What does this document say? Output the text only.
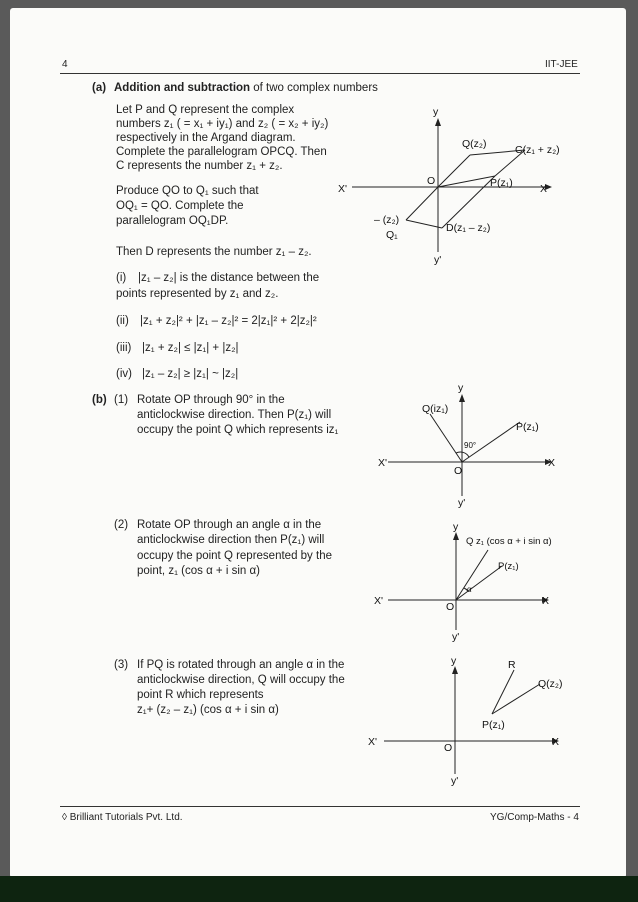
4	IIT-JEE
(a) Addition and subtraction of two complex numbers
Let P and Q represent the complex
numbers z₁ ( = x₁ + iy₁) and z₂ ( = x₂ + iy₂)
respectively in the Argand diagram.
Complete the parallelogram OPCQ. Then
C represents the number z₁ + z₂.
Produce QO to Q₁ such that
OQ₁ = QO. Complete the
parallelogram OQ₁DP.
Then D represents the number z₁ – z₂.
(i) |z₁ – z₂| is the distance between the
points represented by z₁ and z₂.
(ii) |z₁ + z₂|² + |z₁ – z₂|² = 2|z₁|² + 2|z₂|²
(iii) |z₁ + z₂| ≤ |z₁| + |z₂|
(iv) |z₁ – z₂| ≥ |z₁| ~ |z₂|
y
y'
X
X'
O
Q(z₂)	C(z₁ + z₂)
P(z₁)
– (z₂)
Q₁
D(z₁ – z₂)
(b) (1) Rotate OP through 90° in the
anticlockwise direction. Then P(z₁) will
occupy the point Q which represents iz₁
y
y'
X
X'
O
Q(iz₁)
P(z₁)
90°
(2) Rotate OP through an angle α in the
anticlockwise direction then P(z₁) will
occupy the point Q represented by the
point, z₁ (cos α + i sin α)
y
y'
X
X'	O
Q z₁ (cos α + i sin α)
P(z₁)
α
(3) If PQ is rotated through an angle α in the
anticlockwise direction, Q will occupy the
point R which represents
z₁+ (z₂ – z₁) (cos α + i sin α)
y
y'
X
X'	O
R
Q(z₂)
P(z₁)
◊ Brilliant Tutorials Pvt. Ltd.	YG/Comp-Maths - 4
